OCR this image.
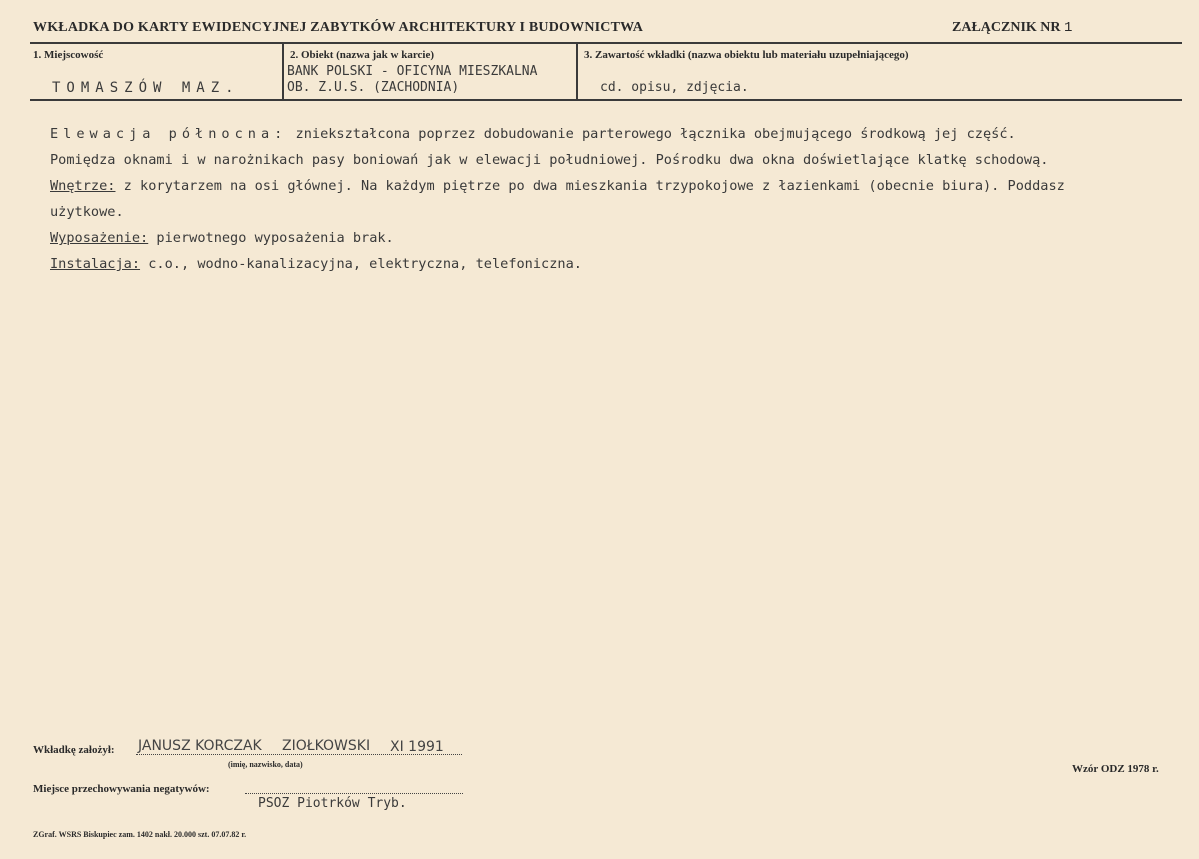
WKŁADKA DO KARTY EWIDENCYJNEJ ZABYTKÓW ARCHITEKTURY I BUDOWNICTWA	ZAŁĄCZNIK NR 1
1. Miejscowość
TOMASZÓW MAZ.
2. Obiekt (nazwa jak w karcie)
BANK POLSKI - OFICYNA MIESZKALNA
OB. Z.U.S. (ZACHODNIA)
3. Zawartość wkładki (nazwa obiektu lub materiału uzupełniającego)
cd. opisu, zdjęcia.
Elewacja północna: zniekształcona poprzez dobudowanie parterowego łącznika obejmującego środkową jej część.
Pomiędza oknami i w narożnikach pasy boniowań jak w elewacji południowej. Pośrodku dwa okna doświetlające klatkę schodową.
Wnętrze: z korytarzem na osi głównej. Na każdym piętrze po dwa mieszkania trzypokojowe z łazienkami (obecnie biura). Poddasz
użytkowe.
Wyposażenie: pierwotnego wyposażenia brak.
Instalacja: c.o., wodno-kanalizacyjna, elektryczna, telefoniczna.
Wkładkę założył: JANUSZ KORCZAK ZIOŁKOWSKI XI 1991
(imię, nazwisko, data)	Wzór ODZ 1978 r.
Miejsce przechowywania negatywów:
PSOZ Piotrków Tryb.
ZGraf. WSRS Biskupiec zam. 1402 nakł. 20.000 szt. 07.07.82 r.
